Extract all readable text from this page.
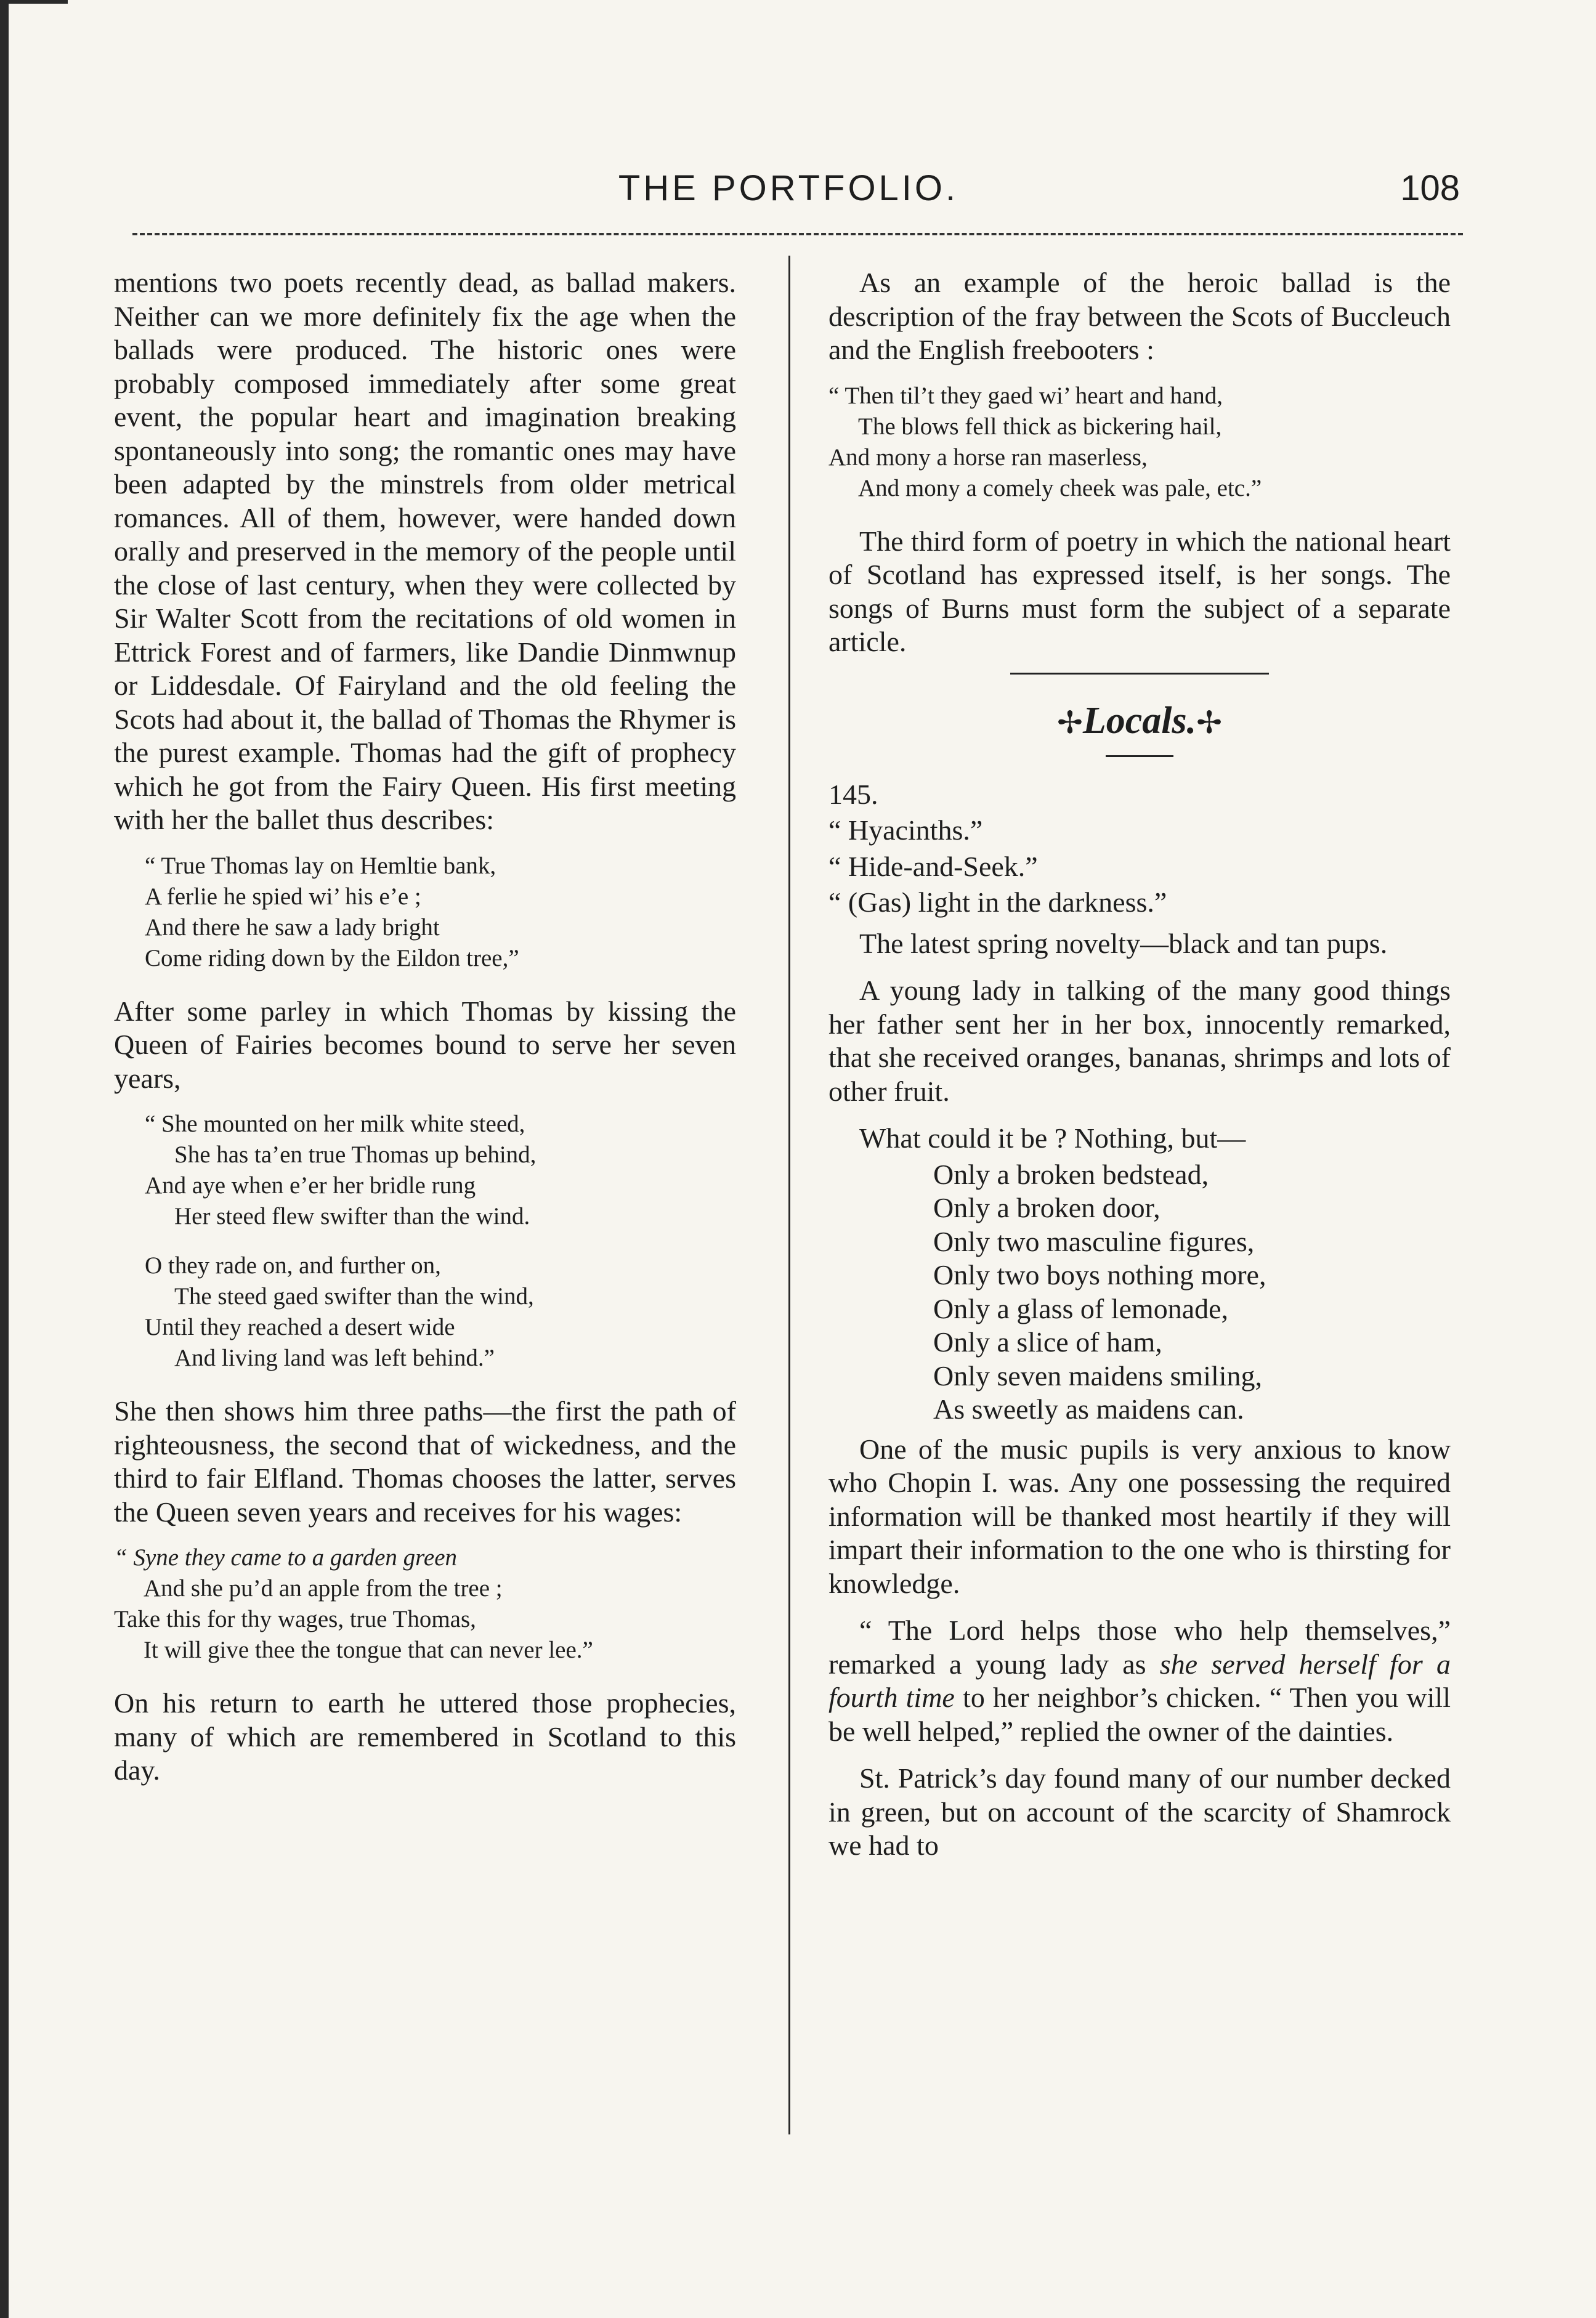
THE PORTFOLIO.	108

mentions two poets recently dead, as ballad makers. Neither can we more definitely fix the age when the ballads were produced. The historic ones were probably composed immediately after some great event, the popular heart and imagination breaking spontaneously into song; the romantic ones may have been adapted by the minstrels from older metrical romances. All of them, however, were handed down orally and preserved in the memory of the people until the close of last century, when they were collected by Sir Walter Scott from the recitations of old women in Ettrick Forest and of farmers, like Dandie Dinmwnup or Liddesdale. Of Fairyland and the old feeling the Scots had about it, the ballad of Thomas the Rhymer is the purest example. Thomas had the gift of prophecy which he got from the Fairy Queen. His first meeting with her the ballet thus describes:

“ True Thomas lay on Hemltie bank,
A ferlie he spied wi’ his e’e ;
And there he saw a lady bright
Come riding down by the Eildon tree,”

After some parley in which Thomas by kissing the Queen of Fairies becomes bound to serve her seven years,

“ She mounted on her milk white steed,
She has ta’en true Thomas up behind,
And aye when e’er her bridle rung
Her steed flew swifter than the wind.
O they rade on, and further on,
The steed gaed swifter than the wind,
Until they reached a desert wide
And living land was left behind.”

She then shows him three paths—the first the path of righteousness, the second that of wickedness, and the third to fair Elfland. Thomas chooses the latter, serves the Queen seven years and receives for his wages:

“ Syne they came to a garden green
And she pu’d an apple from the tree ;
Take this for thy wages, true Thomas,
It will give thee the tongue that can never lee.”

On his return to earth he uttered those prophecies, many of which are remembered in Scotland to this day.

As an example of the heroic ballad is the description of the fray between the Scots of Buccleuch and the English freebooters :

“ Then til’t they gaed wi’ heart and hand,
The blows fell thick as bickering hail,
And mony a horse ran maserless,
And mony a comely cheek was pale, etc.”

The third form of poetry in which the national heart of Scotland has expressed itself, is her songs. The songs of Burns must form the subject of a separate article.

✢Locals.✢
145.
“ Hyacinths.”
“ Hide-and-Seek.”
“ (Gas) light in the darkness.”

The latest spring novelty—black and tan pups.

A young lady in talking of the many good things her father sent her in her box, innocently remarked, that she received oranges, bananas, shrimps and lots of other fruit.

What could it be ? Nothing, but—

Only a broken bedstead,
Only a broken door,
Only two masculine figures,
Only two boys nothing more,
Only a glass of lemonade,
Only a slice of ham,
Only seven maidens smiling,
As sweetly as maidens can.

One of the music pupils is very anxious to know who Chopin I. was. Any one possessing the required information will be thanked most heartily if they will impart their information to the one who is thirsting for knowledge.

“ The Lord helps those who help themselves,” remarked a young lady as she served herself for a fourth time to her neighbor’s chicken. “ Then you will be well helped,” replied the owner of the dainties.

St. Patrick’s day found many of our number decked in green, but on account of the scarcity of Shamrock we had to
